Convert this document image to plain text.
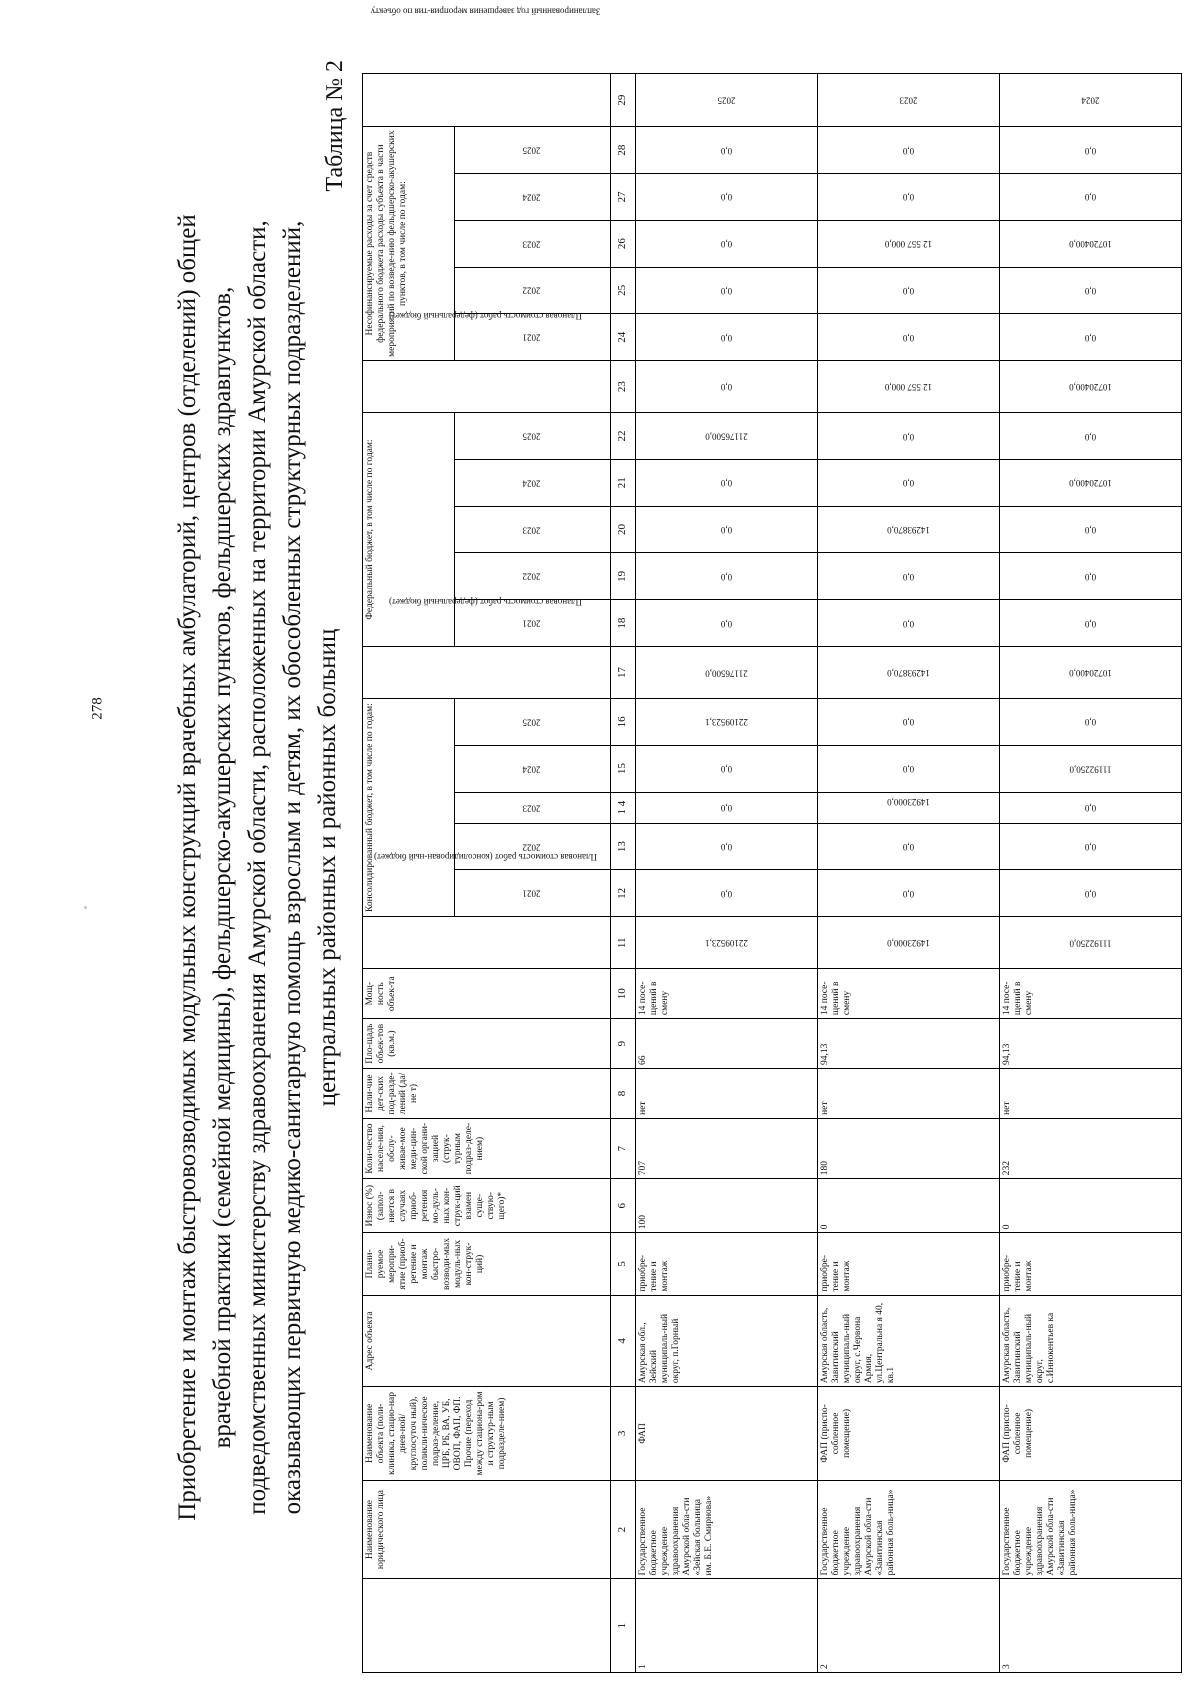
278	Приобретение и монтаж быстровозводимых модульных конструкций врачебных амбулаторий, центров (отделений) общей врачебной практики (семейной медицины), фельдшерско-акушерских пунктов, фельдшерских здравпунктов, подведомственных министерству здравоохранения Амурской области, расположенных на территории Амурской области, оказывающих первичную медико-санитарную помощь взрослым и детям, их обособленных структурных подразделений, центральных районных и районных больниц
Таблица № 2
	Наименование юридического лица	Наименование объекта (поли-клиника, стацио-нар днев-ной/круглосуточ ный), поликли-ническое подраз-деление, ЦРБ, РБ, ВА, УБ, ОВОП, ФАП, ФП. Прочие (переход между стациона-ром и структур-ным подразделе-нием)	Адрес объекта	Плани-руемое меропри-ятие (приоб-ретение и монтаж быстро-возводи-мых модуль-ных кон-струк-ций)	Износ (%) (запол-няется в случаях приоб-ретения мо-дуль-ных кон-струк-ций взамен суще-ствую-щего)*	Коли-чество населе-ния, обслу-живае-мое меди-цин-ской органи-зацией (струк-турным подраз-деле-нием)	Нали-чие дет-ских под-разде-лений (да/не т)	Пло-щадь объек-тов (кв.м.)	Мощ-ность объек-та	Плановая стоимость работ (консолидирован-ный бюджет)	Консолидированный бюджет, в том числе по годам:					Плановая стоимость работ (федеральный бюджет)	Федеральный бюджет, в том числе по годам:					Плановая стоимость работ (федеральный бюджет)	Несофинансируемые расходы за счет средств федерального бюджета расходы субъекта в части мероприятий по возведе-нию фельдшерско-акушерских пунктов, в том числе по годам:					Запланированный год завершения мероприя-тия по объекту
											2021	2022	2023	2024	2025		2021	2022	2023	2024	2025		2021	2022	2023	2024	2025	
1	2	3	4	5	6	7	8	9	10	11	12	13	1 4	15	16	17	18	19	20	21	22	23	24	25	26	27	28	29
1	Государственное бюджетное учреждение здравоохранения Амурской обла-сти «Зейская больница им. Б.Е. Смирнова»	ФАП	Амурская обл., Зейский муниципаль-ный округ, п.Горный	приобре-тение и монтаж	100	707	нет	66	14 посе-щений в смену	22109523,1	0,0	0,0	0,0	0,0	22109523,1	21176500,0	0,0	0,0	0,0	0,0	21176500,0	0,0	0,0	0,0	0,0	0,0	0,0	2025
2	Государственное бюджетное учреждение здравоохранения Амурской обла-сти «Завитинская районная боль-ница»	ФАП (приспо-собленное помещение)	Амурская область, Завитинский муниципаль-ный округ, с.Червона Армия, ул.Центральна я 40, кв.1	приобре-тение и монтаж	0	180	нет	94,13	14 посе-щений в смену	14923000,0	0,0	0,0	14923000,0	0,0	0,0	14293870,0	0,0	0,0	14293870,0	0,0	0,0	12 557 000,0	0,0	0,0	12 557 000,0	0,0	0,0	2023
3	Государственное бюджетное учреждение здравоохранения Амурской обла-сти «Завитинская районная боль-ница»	ФАП (приспо-собленное помещение)	Амурская область, Завитинский муниципаль-ный округ, с.Иннокентьев ка	приобре-тение и монтаж	0	232	нет	94,13	14 посе-щений в смену	11192250,0	0,0	0,0	0,0	11192250,0	0,0	10720400,0	0,0	0,0	0,0	10720400,0	0,0	10720400,0	0,0	0,0	10720400,0	0,0	0,0	2024
